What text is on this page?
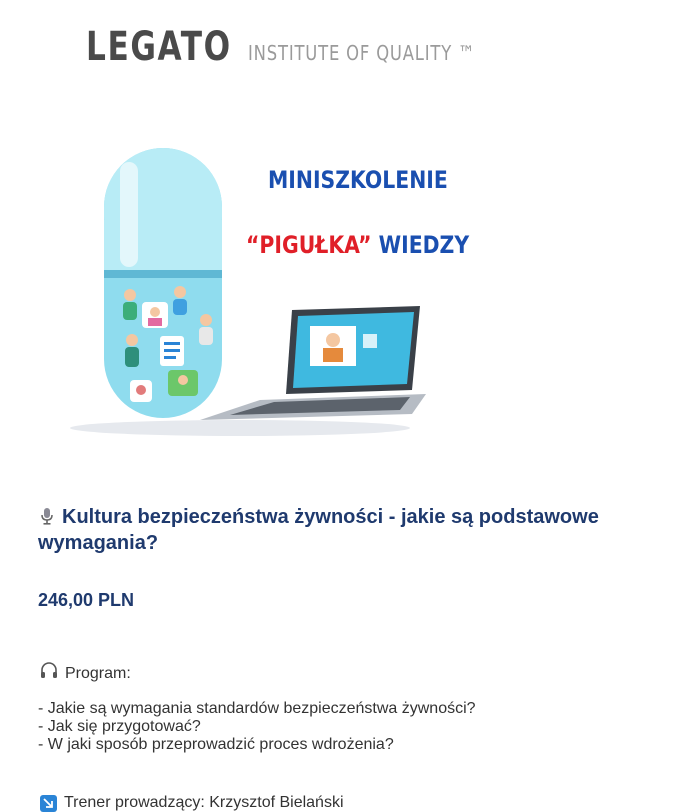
LEGATO INSTITUTE OF QUALITY ™
MINISZKOLENIE
“PIGUŁKA” WIEDZY
Kultura bezpieczeństwa żywności - jakie są podstawowe wymagania?
246,00 PLN
Program:
- Jakie są wymagania standardów bezpieczeństwa żywności?
- Jak się przygotować?
- W jaki sposób przeprowadzić proces wdrożenia?
Trener prowadzący: Krzysztof Bielański
